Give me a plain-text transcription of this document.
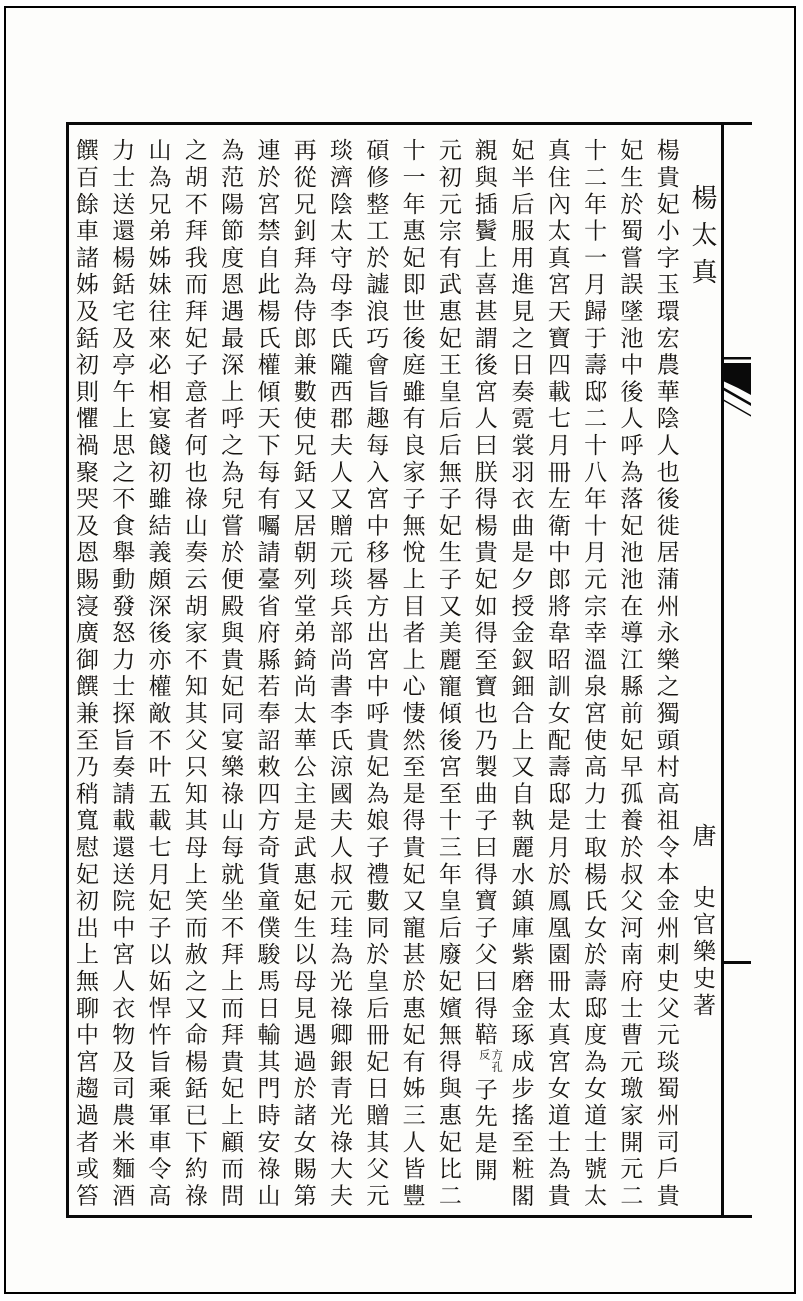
楊太真唐史官樂史著
楊貴妃小字玉環宏農華陰人也後徙居蒲州永樂之獨頭村高祖令本金州刺史父元琰蜀州司戶貴
妃生於蜀嘗誤墜池中後人呼為落妃池池在導江縣前妃早孤養於叔父河南府士曹元璬家開元二
十二年十一月歸于壽邸二十八年十月元宗幸溫泉宮使高力士取楊氏女於壽邸度為女道士號太
真住內太真宮天寶四載七月冊左衛中郎將韋昭訓女配壽邸是月於鳳凰園冊太真宮女道士為貴
妃半后服用進見之日奏霓裳羽衣曲是夕授金釵鈿合上又自執麗水鎮庫紫磨金琢成步搖至粧閣
親與插鬢上喜甚謂後宮人曰朕得楊貴妃如得至寶也乃製曲子曰得寶子父曰得鞛方孔反子先是開
元初元宗有武惠妃王皇后后無子妃生子又美麗寵傾後宮至十三年皇后廢妃嬪無得與惠妃比二
十一年惠妃即世後庭雖有良家子無悅上目者上心悽然至是得貴妃又寵甚於惠妃有姊三人皆豐
碩修整工於譃浪巧會旨趣每入宮中移晷方出宮中呼貴妃為娘子禮數同於皇后冊妃日贈其父元
琰濟陰太守母李氏隴西郡夫人又贈元琰兵部尚書李氏涼國夫人叔元珪為光祿卿銀青光祿大夫
再從兄釗拜為侍郎兼數使兄銛又居朝列堂弟錡尚太華公主是武惠妃生以母見遇過於諸女賜第
連於宮禁自此楊氏權傾天下每有囑請臺省府縣若奉詔敕四方奇貨童僕駿馬日輸其門時安祿山
為范陽節度恩遇最深上呼之為兒嘗於便殿與貴妃同宴樂祿山每就坐不拜上而拜貴妃上顧而問
之胡不拜我而拜妃子意者何也祿山奏云胡家不知其父只知其母上笑而赦之又命楊銛已下約祿
山為兄弟姊妹往來必相宴餞初雖結義頗深後亦權敵不叶五載七月妃子以妬悍忤旨乘軍車令高
力士送還楊銛宅及亭午上思之不食舉動發怒力士探旨奏請載還送院中宮人衣物及司農米麵酒
饌百餘車諸姊及銛初則懼禍聚哭及恩賜寖廣御饌兼至乃稍寬慰妃初出上無聊中宮趨過者或笞
